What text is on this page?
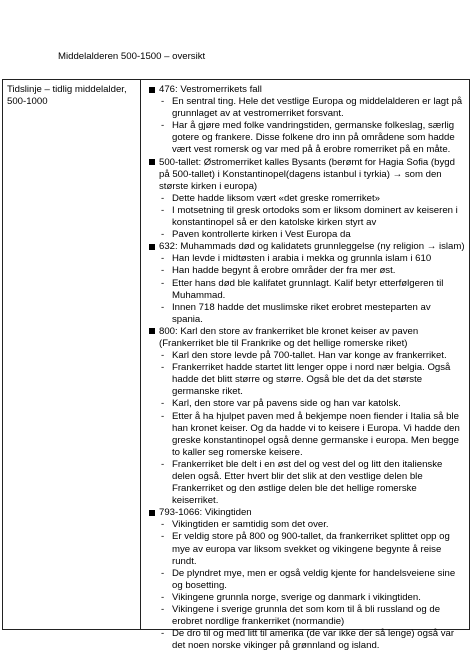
Middelalderen 500-1500 – oversikt
Tidslinje – tidlig middelalder, 500-1000
476: Vestromerrikets fall
- En sentral ting. Hele det vestlige Europa og middelalderen er lagt på grunnlaget av at vestromerriket forsvant.
- Har å gjøre med folke vandringstiden, germanske folkeslag, særlig gotere og frankere. Disse folkene dro inn på områdene som hadde vært vest romersk og var med på å erobre romerriket på en måte.
500-tallet: Østromerriket kalles Bysants (berømt for Hagia Sofia (bygd på 500-tallet) i Konstantinopel(dagens istanbul i tyrkia) → som den største kirken i europa)
- Dette hadde liksom vært «det greske romerriket»
- I motsetning til gresk ortodoks som er liksom dominert av keiseren i konstantinopel så er den katolske kirken styrt av
- Paven kontrollerte kirken i Vest Europa da
632: Muhammads død og kalidatets grunnleggelse (ny religion → islam)
- Han levde i midtøsten i arabia i mekka og grunnla islam i 610
- Han hadde begynt å erobre områder der fra mer øst.
- Etter hans død ble kalifatet grunnlagt. Kalif betyr etterfølgeren til Muhammad.
- Innen 718 hadde det muslimske riket erobret mesteparten av spania.
800: Karl den store av frankerriket ble kronet keiser av paven (Frankerriket ble til Frankrike og det hellige romerske riket)
- Karl den store levde på 700-tallet. Han var konge av frankerriket.
- Frankerriket hadde startet litt lenger oppe i nord nær belgia. Også hadde det blitt større og større. Også ble det da det største germanske riket.
- Karl, den store var på pavens side og han var katolsk.
- Etter å ha hjulpet paven med å bekjempe noen fiender i Italia så ble han kronet keiser. Og da hadde vi to keisere i Europa. Vi hadde den greske konstantinopel også denne germanske i europa. Men begge to kaller seg romerske keisere.
- Frankerriket ble delt i en øst del og vest del og litt den italienske delen også. Etter hvert blir det slik at den vestlige delen ble Frankerriket og den østlige delen ble det hellige romerske keiserriket.
793-1066: Vikingtiden
- Vikingtiden er samtidig som det over.
- Er veldig store på 800 og 900-tallet, da frankerriket splittet opp og mye av europa var liksom svekket og vikingene begynte å reise rundt.
- De plyndret mye, men er også veldig kjente for handelsveiene sine og bosetting.
- Vikingene grunnla norge, sverige og danmark i vikingtiden.
- Vikingene i sverige grunnla det som kom til å bli russland og de erobret nordlige frankerriket (normandie)
- De dro til og med litt til amerika (de var ikke der så lenge) også var det noen norske vikinger på grønnland og island.
